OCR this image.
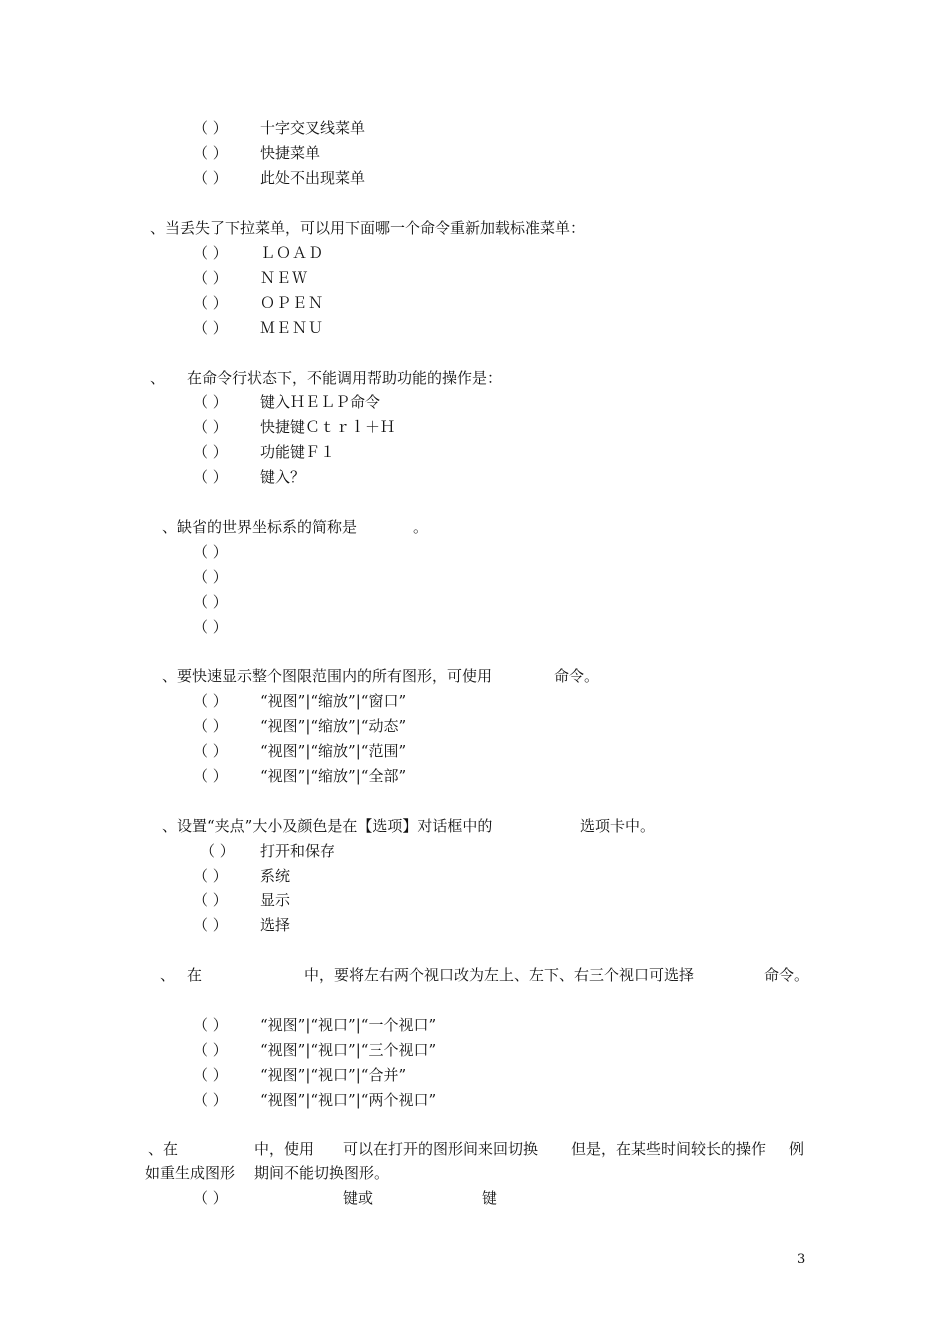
（ ） 十字交叉线菜单
（ ） 快捷菜单
（ ） 此处不出现菜单
、当丢失了下拉菜单，可以用下面哪一个命令重新加载标准菜单：
（ ） ＬＯＡＤ
（ ） ＮＥＷ
（ ） ＯＰＥＮ
（ ） ＭＥＮＵ
、 在命令行状态下，不能调用帮助功能的操作是：
（ ） 键入ＨＥＬＰ命令
（ ） 快捷键Ｃｔｒｌ＋Ｈ
（ ） 功能键Ｆ１
（ ） 键入？
、缺省的世界坐标系的简称是	。
（ ）
（ ）
（ ）
（ ）
、要快速显示整个图限范围内的所有图形，可使用	命令。
（ ） “视图”|“缩放”|“窗口”
（ ） “视图”|“缩放”|“动态”
（ ） “视图”|“缩放”|“范围”
（ ） “视图”|“缩放”|“全部”
、设置“夹点”大小及颜色是在【选项】对话框中的	选项卡中。
（ ） 打开和保存
（ ） 系统
（ ） 显示
（ ） 选择
、 在	中，要将左右两个视口改为左上、左下、右三个视口可选择	命令。
（ ） “视图”|“视口”|“一个视口”
（ ） “视图”|“视口”|“三个视口”
（ ） “视图”|“视口”|“合并”
（ ） “视图”|“视口”|“两个视口”
、在	中，使用 可以在打开的图形间来回切换 但是，在某些时间较长的操作 例
如重生成图形 期间不能切换图形。
（ ）	键或	键
3
